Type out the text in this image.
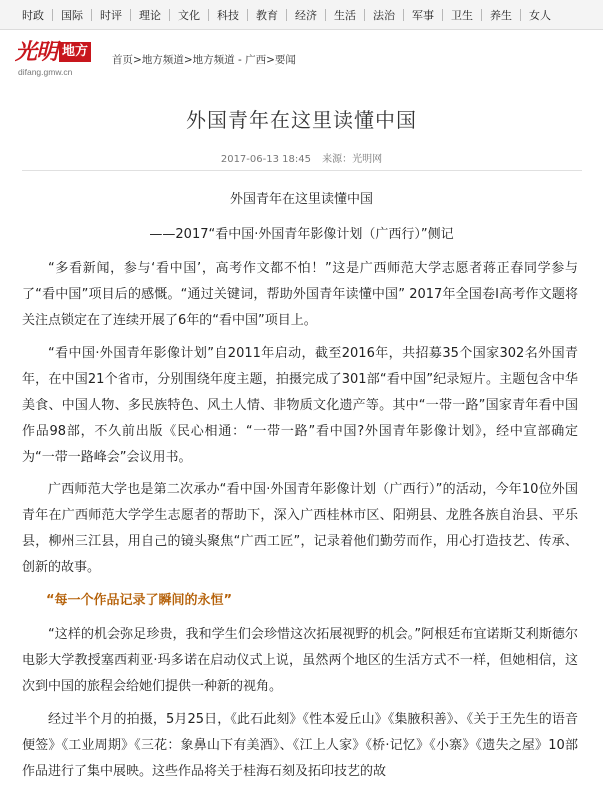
时政 国际 时评 理论 文化 科技 教育 经济 生活 法治 军事 卫生 养生 女人
光明 地方
difang.gmw.cn
首页>地方频道>地方频道 - 广西>要闻
外国青年在这里读懂中国
2017-06-13 18:45 来源：光明网
外国青年在这里读懂中国
——2017“看中国·外国青年影像计划（广西行）”侧记

“多看新闻，参与‘看中国’，高考作文都不怕！”这是广西师范大学志愿者蒋正春同学参与了“看中国”项目后的感慨。“通过关键词，帮助外国青年读懂中国” 2017年全国卷Ⅰ高考作文题将关注点锁定在了连续开展了6年的“看中国”项目上。

“看中国·外国青年影像计划”自2011年启动，截至2016年，共招募35个国家302名外国青年，在中国21个省市，分别围绕年度主题，拍摄完成了301部“看中国”纪录短片。主题包含中华美食、中国人物、多民族特色、风土人情、非物质文化遗产等。其中“一带一路”国家青年看中国作品98部，不久前出版《民心相通：“一带一路”看中国?外国青年影像计划》，经中宣部确定为“一带一路峰会”会议用书。

广西师范大学也是第二次承办“看中国·外国青年影像计划（广西行）”的活动，今年10位外国青年在广西师范大学学生志愿者的帮助下，深入广西桂林市区、阳朔县、龙胜各族自治县、平乐县，柳州三江县，用自己的镜头聚焦“广西工匠”，记录着他们勤劳而作，用心打造技艺、传承、创新的故事。

“每一个作品记录了瞬间的永恒”

“这样的机会弥足珍贵，我和学生们会珍惜这次拓展视野的机会。”阿根廷布宜诺斯艾利斯德尔电影大学教授塞西莉亚·玛多诺在启动仪式上说，虽然两个地区的生活方式不一样，但她相信，这次到中国的旅程会给她们提供一种新的视角。

经过半个月的拍摄，5月25日，《此石此刻》《性本爱丘山》《集腋积善》、《关于王先生的语音便签》《工业周期》《三花：象鼻山下有美酒》、《江上人家》《桥·记忆》《小寨》《遗失之屋》10部作品进行了集中展映。这些作品将关于桂海石刻及拓印技艺的故
